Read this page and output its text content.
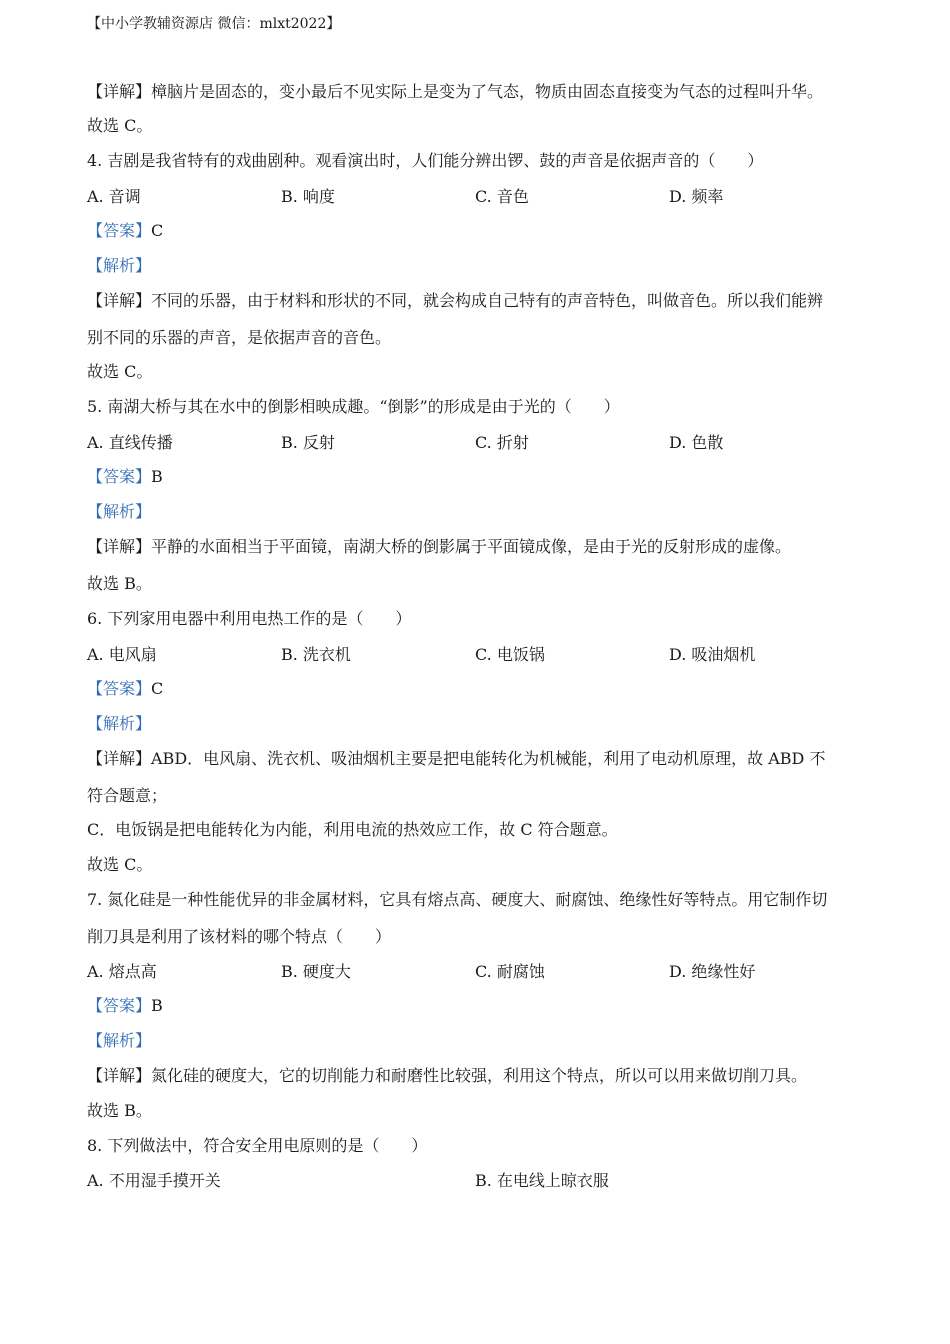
【中小学教辅资源店 微信：mlxt2022】
【详解】樟脑片是固态的，变小最后不见实际上是变为了气态，物质由固态直接变为气态的过程叫升华。
故选 C。
4. 吉剧是我省特有的戏曲剧种。观看演出时，人们能分辨出锣、鼓的声音是依据声音的（　　）
A. 音调	B. 响度	C. 音色	D. 频率
【答案】C
【解析】
【详解】不同的乐器，由于材料和形状的不同，就会构成自己特有的声音特色，叫做音色。所以我们能辨
别不同的乐器的声音，是依据声音的音色。
故选 C。
5. 南湖大桥与其在水中的倒影相映成趣。“倒影”的形成是由于光的（　　）
A. 直线传播	B. 反射	C. 折射	D. 色散
【答案】B
【解析】
【详解】平静的水面相当于平面镜，南湖大桥的倒影属于平面镜成像，是由于光的反射形成的虚像。
故选 B。
6. 下列家用电器中利用电热工作的是（　　）
A. 电风扇	B. 洗衣机	C. 电饭锅	D. 吸油烟机
【答案】C
【解析】
【详解】ABD．电风扇、洗衣机、吸油烟机主要是把电能转化为机械能，利用了电动机原理，故 ABD 不
符合题意；
C．电饭锅是把电能转化为内能，利用电流的热效应工作，故 C 符合题意。
故选 C。
7. 氮化硅是一种性能优异的非金属材料，它具有熔点高、硬度大、耐腐蚀、绝缘性好等特点。用它制作切
削刀具是利用了该材料的哪个特点（　　）
A. 熔点高	B. 硬度大	C. 耐腐蚀	D. 绝缘性好
【答案】B
【解析】
【详解】氮化硅的硬度大，它的切削能力和耐磨性比较强，利用这个特点，所以可以用来做切削刀具。
故选 B。
8. 下列做法中，符合安全用电原则的是（　　）
A. 不用湿手摸开关	B. 在电线上晾衣服
